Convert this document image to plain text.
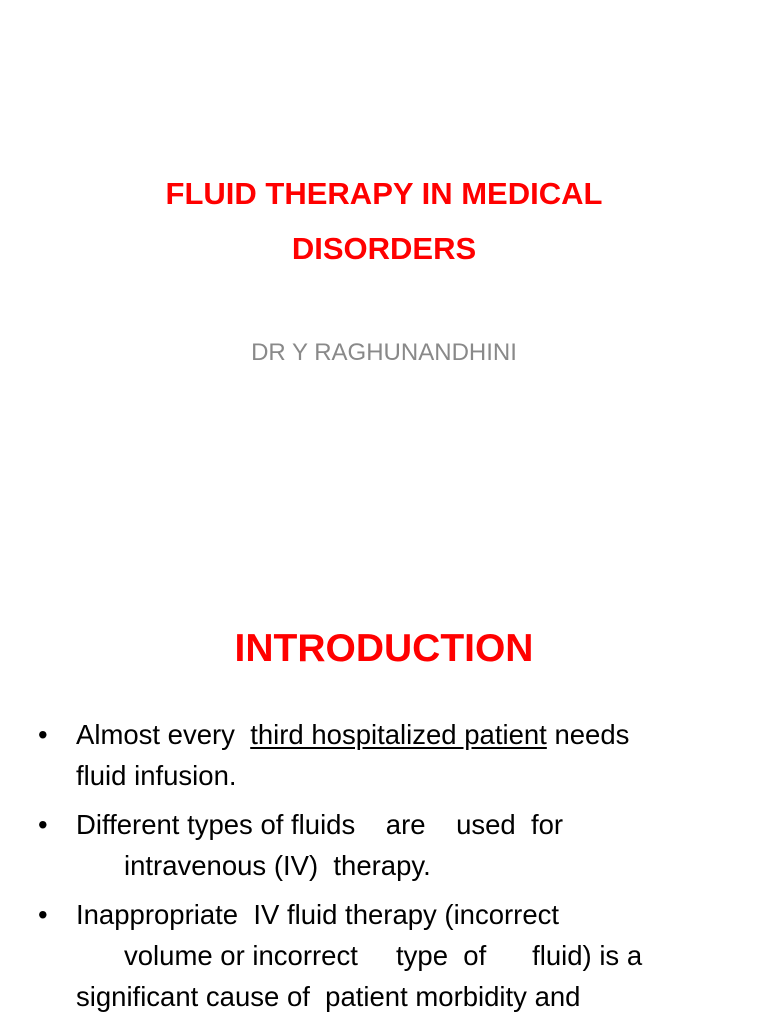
FLUID THERAPY IN MEDICAL
DISORDERS

DR Y RAGHUNANDHINI

INTRODUCTION
• Almost every  third hospitalized patient needs
fluid infusion.
• Different types of fluids    are    used  for
intravenous (IV)  therapy.
• Inappropriate  IV fluid therapy (incorrect
volume or incorrect     type  of      fluid) is a
significant cause of  patient morbidity and
